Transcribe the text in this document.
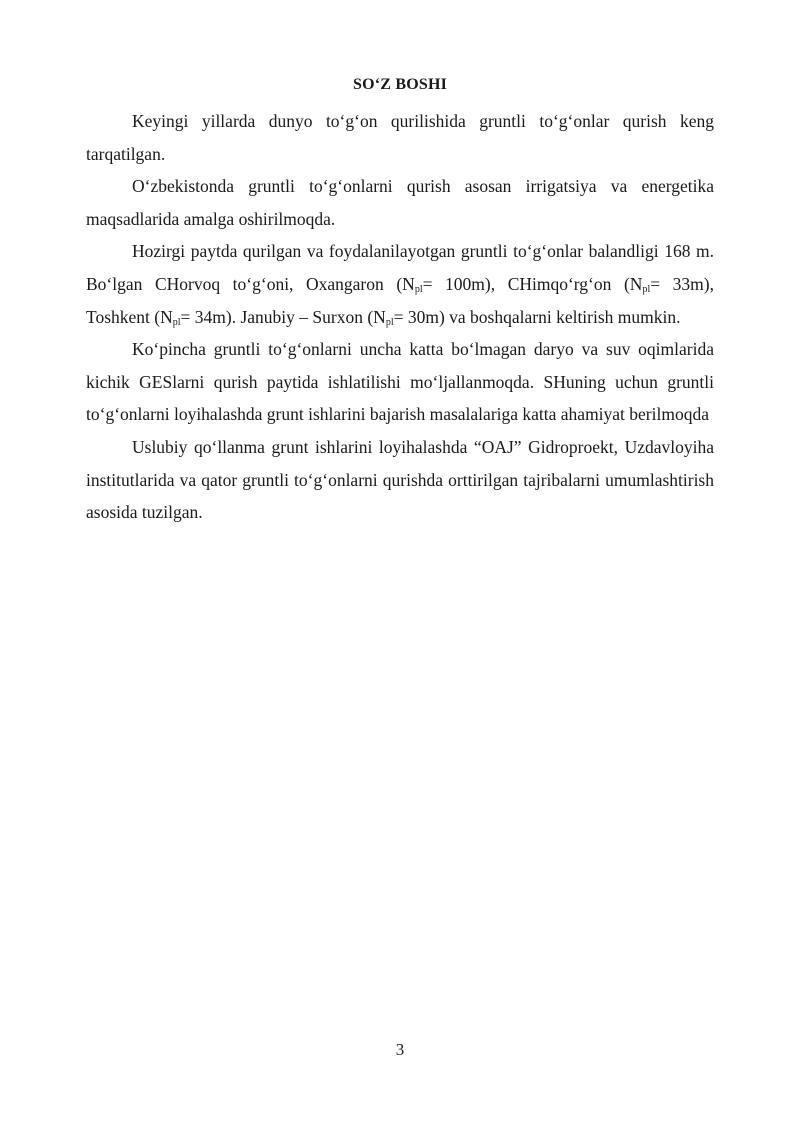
SO‘Z BOSHI

Keyingi yillarda dunyo to‘g‘on qurilishida gruntli to‘g‘onlar qurish keng tarqatilgan.

O‘zbekistonda gruntli to‘g‘onlarni qurish asosan irrigatsiya va energetika maqsadlarida amalga oshirilmoqda.

Hozirgi paytda qurilgan va foydalanilayotgan gruntli to‘g‘onlar balandligi 168 m. Bo‘lgan CHorvoq to‘g‘oni, Oxangaron $(N_{pl}= 100m)$, CHimqo‘rg‘on $(N_{pl}= 33m)$, Toshkent $(N_{pl}= 34m)$. Janubiy – Surxon $(N_{pl}= 30m)$ va boshqalarni keltirish mumkin.

Ko‘pincha gruntli to‘g‘onlarni uncha katta bo‘lmagan daryo va suv oqimlarida kichik GESlarni qurish paytida ishlatilishi mo‘ljallanmoqda. SHuning uchun gruntli to‘g‘onlarni loyihalashda grunt ishlarini bajarish masalalariga katta ahamiyat berilmoqda

Uslubiy qo‘llanma grunt ishlarini loyihalashda “OAJ” Gidroproekt, Uzdavloyiha institutlarida va qator gruntli to‘g‘onlarni qurishda orttirilgan tajribalarni umumlashtirish asosida tuzilgan.

3
